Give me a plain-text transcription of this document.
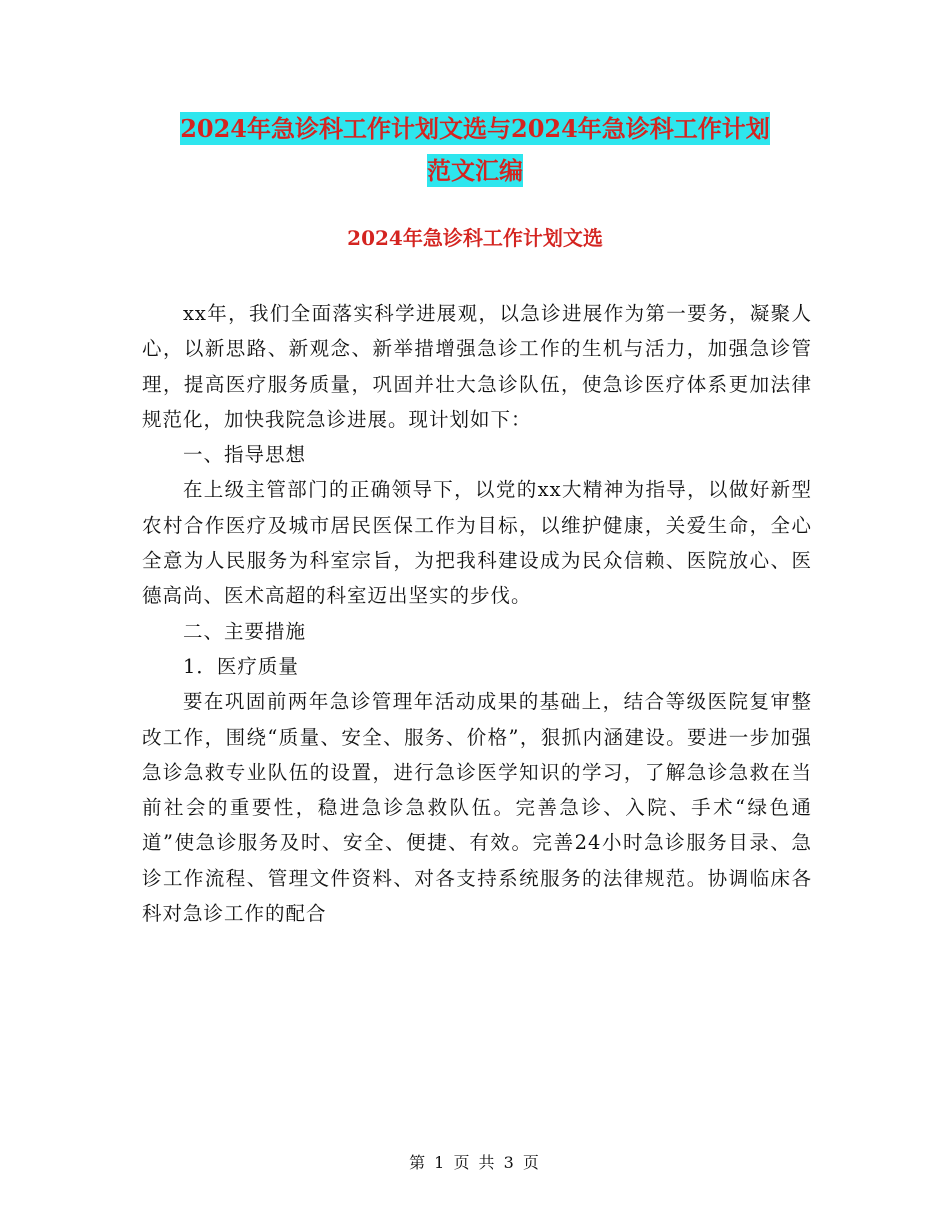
2024年急诊科工作计划文选与2024年急诊科工作计划
范文汇编
2024年急诊科工作计划文选

xx年，我们全面落实科学进展观，以急诊进展作为第一要务，凝聚人心，以新思路、新观念、新举措增强急诊工作的生机与活力，加强急诊管理，提高医疗服务质量，巩固并壮大急诊队伍，使急诊医疗体系更加法律规范化，加快我院急诊进展。现计划如下：

一、指导思想

在上级主管部门的正确领导下，以党的xx大精神为指导，以做好新型农村合作医疗及城市居民医保工作为目标，以维护健康，关爱生命，全心全意为人民服务为科室宗旨，为把我科建设成为民众信赖、医院放心、医德高尚、医术高超的科室迈出坚实的步伐。

二、主要措施

1．医疗质量

要在巩固前两年急诊管理年活动成果的基础上，结合等级医院复审整改工作，围绕“质量、安全、服务、价格”，狠抓内涵建设。要进一步加强急诊急救专业队伍的设置，进行急诊医学知识的学习，了解急诊急救在当前社会的重要性，稳进急诊急救队伍。完善急诊、入院、手术“绿色通道”使急诊服务及时、安全、便捷、有效。完善24小时急诊服务目录、急诊工作流程、管理文件资料、对各支持系统服务的法律规范。协调临床各科对急诊工作的配合

第 1 页 共 3 页
